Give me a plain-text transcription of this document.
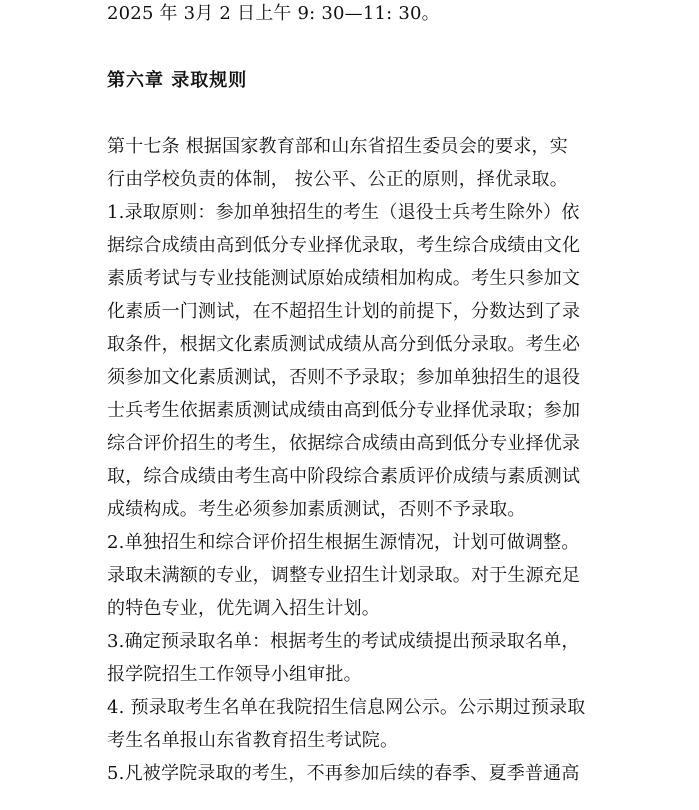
2025 年 3月 2 日上午 9: 30—11: 30。
第六章 录取规则
第十七条 根据国家教育部和山东省招生委员会的要求，实
行由学校负责的体制， 按公平、公正的原则，择优录取。
1.录取原则：参加单独招生的考生（退役士兵考生除外）依
据综合成绩由高到低分专业择优录取，考生综合成绩由文化
素质考试与专业技能测试原始成绩相加构成。考生只参加文
化素质一门测试，在不超招生计划的前提下，分数达到了录
取条件，根据文化素质测试成绩从高分到低分录取。考生必
须参加文化素质测试，否则不予录取；参加单独招生的退役
士兵考生依据素质测试成绩由高到低分专业择优录取；参加
综合评价招生的考生，依据综合成绩由高到低分专业择优录
取，综合成绩由考生高中阶段综合素质评价成绩与素质测试
成绩构成。考生必须参加素质测试，否则不予录取。
2.单独招生和综合评价招生根据生源情况，计划可做调整。
录取未满额的专业，调整专业招生计划录取。对于生源充足
的特色专业，优先调入招生计划。
3.确定预录取名单：根据考生的考试成绩提出预录取名单，
报学院招生工作领导小组审批。
4. 预录取考生名单在我院招生信息网公示。公示期过预录取
考生名单报山东省教育招生考试院。
5.凡被学院录取的考生，不再参加后续的春季、夏季普通高
